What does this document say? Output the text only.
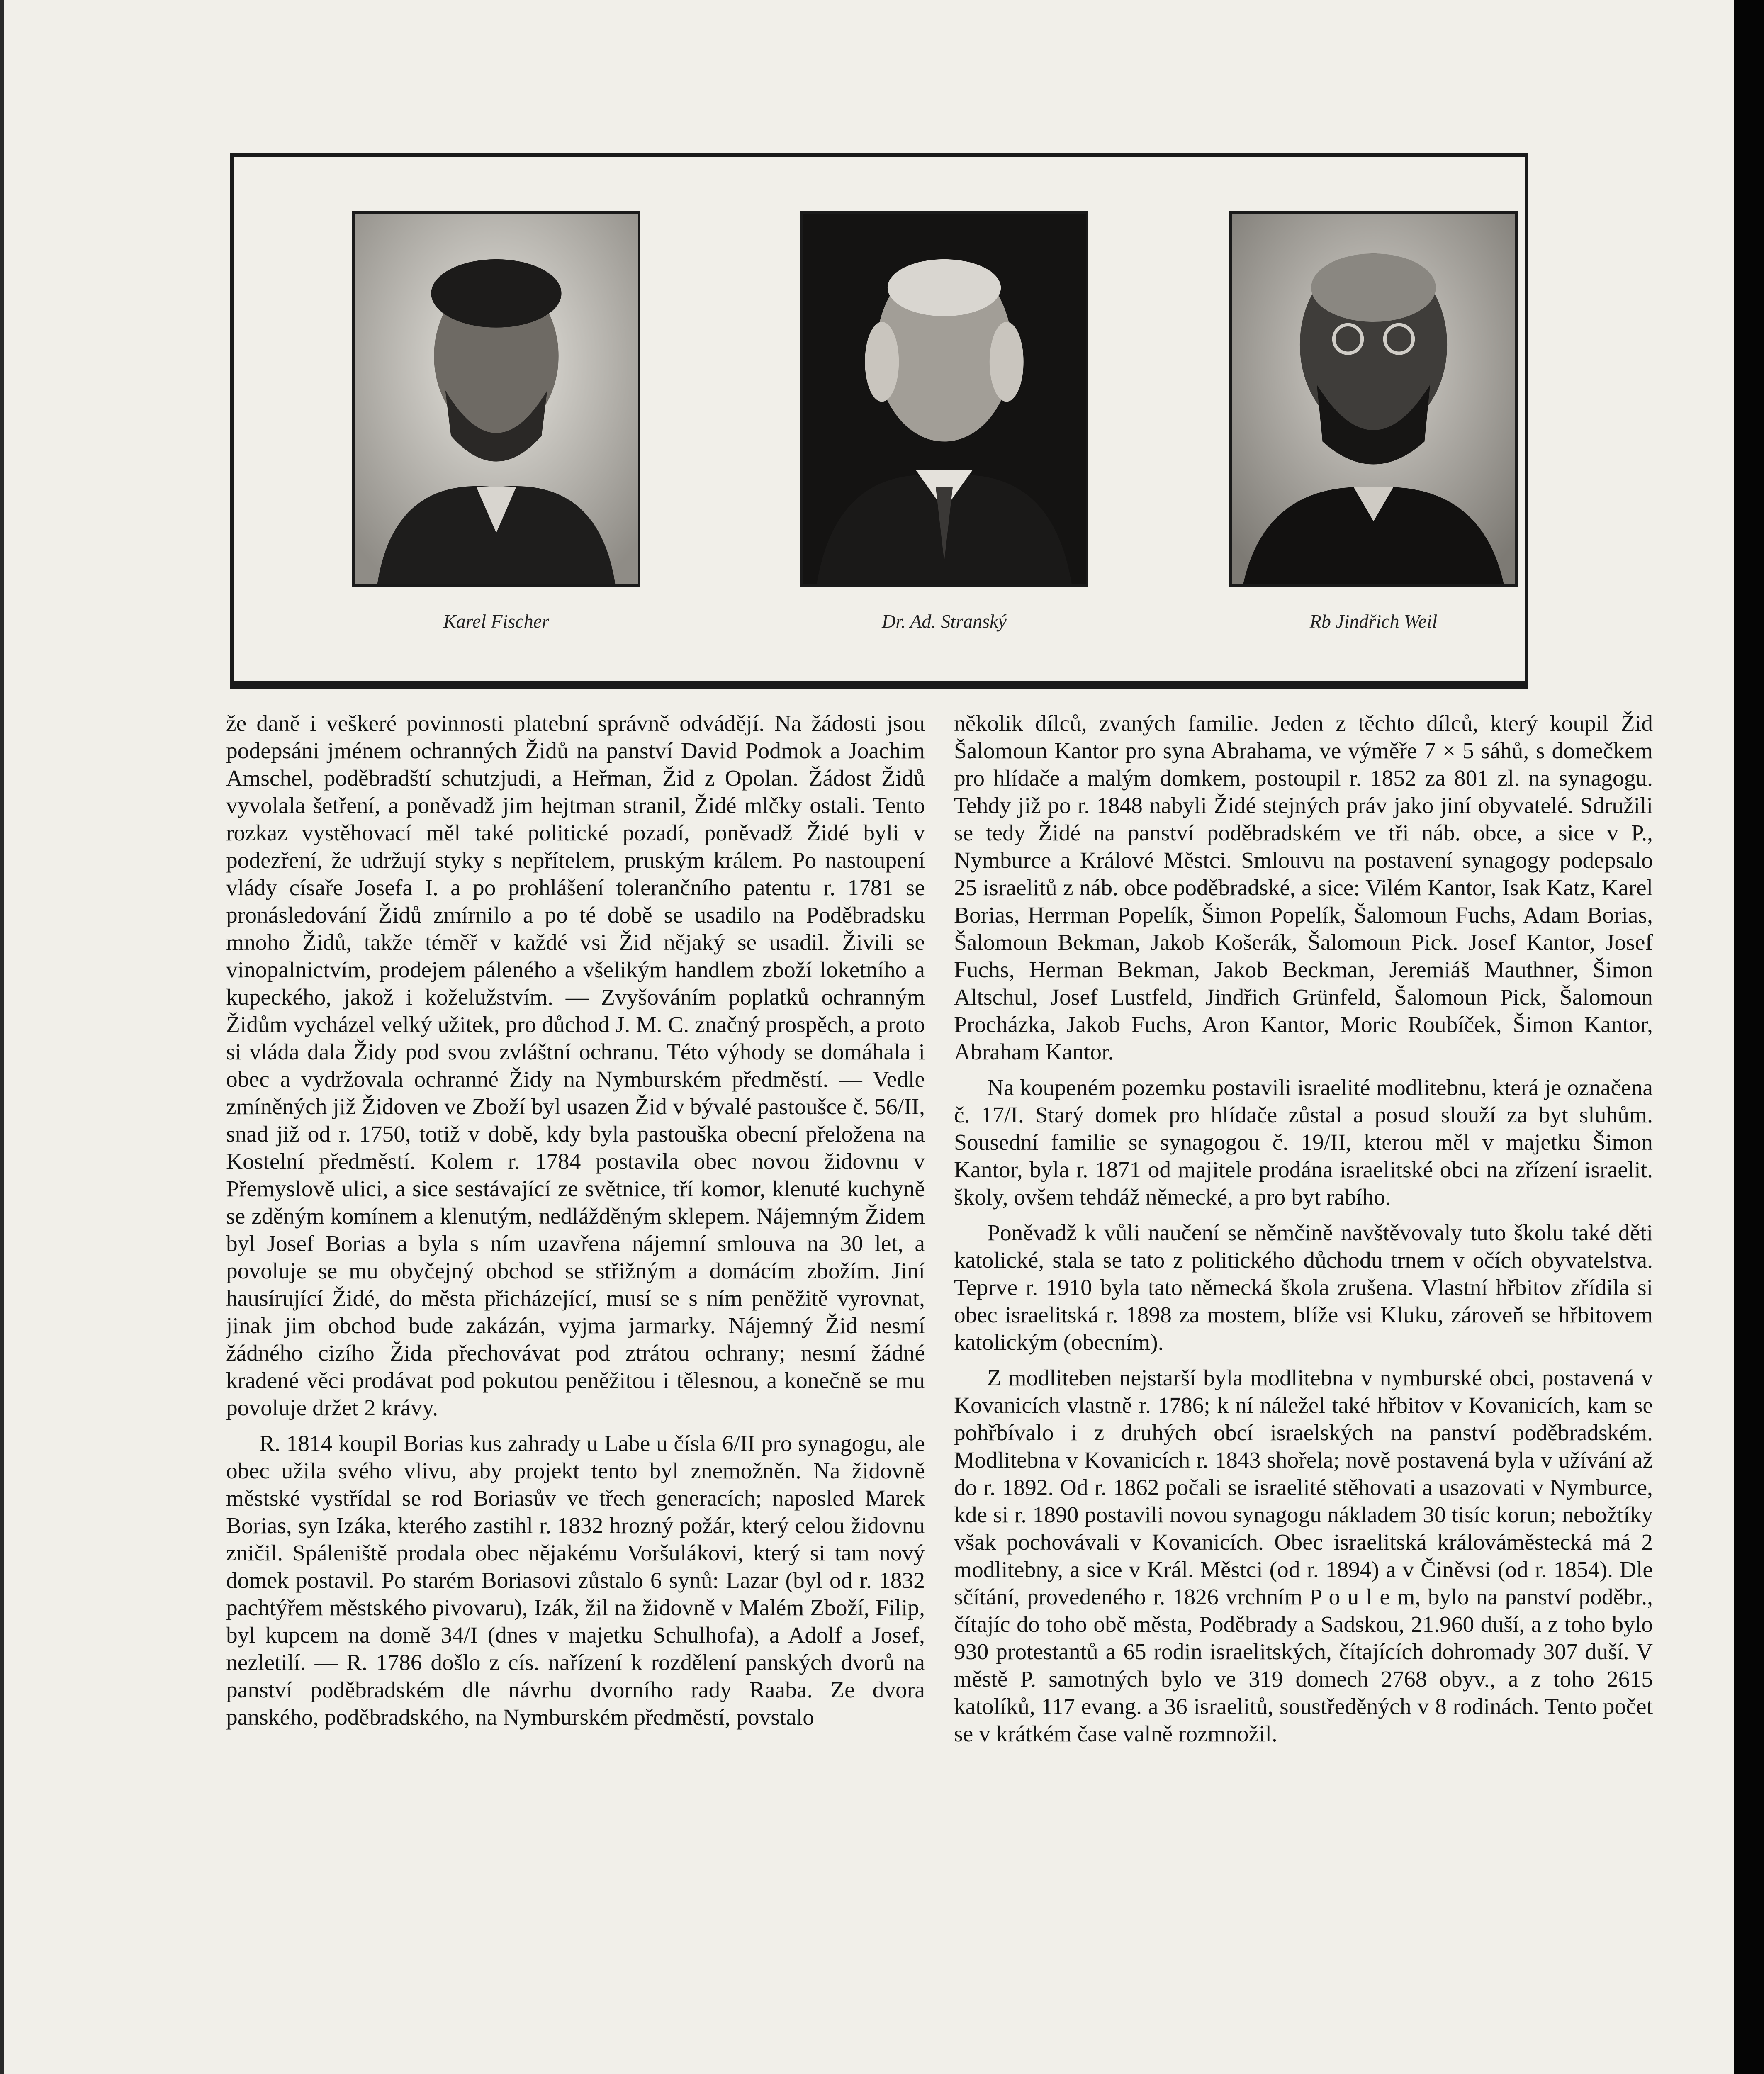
Karel Fischer	Dr. Ad. Stranský	Rb Jindřich Weil

že daně i veškeré povinnosti platební správně odvádějí. Na žádosti jsou podepsáni jménem ochranných Židů na panství David Podmok a Joachim Amschel, poděbradští schutzjudi, a Heřman, Žid z Opolan. Žádost Židů vyvolala šetření, a poněvadž jim hejtman stranil, Židé mlčky ostali. Tento rozkaz vystěhovací měl také politické pozadí, poněvadž Židé byli v podezření, že udržují styky s nepřítelem, pruským králem. Po nastoupení vlády císaře Josefa I. a po prohlášení tolerančního patentu r. 1781 se pronásledování Židů zmírnilo a po té době se usadilo na Poděbradsku mnoho Židů, takže téměř v každé vsi Žid nějaký se usadil. Živili se vinopalnictvím, prodejem páleného a všelikým handlem zboží loketního a kupeckého, jakož i koželužstvím. — Zvyšováním poplatků ochranným Židům vycházel velký užitek, pro důchod J. M. C. značný prospěch, a proto si vláda dala Židy pod svou zvláštní ochranu. Této výhody se domáhala i obec a vydržovala ochranné Židy na Nymburském předměstí. — Vedle zmíněných již Židoven ve Zboží byl usazen Žid v bývalé pastoušce č. 56/II, snad již od r. 1750, totiž v době, kdy byla pastouška obecní přeložena na Kostelní předměstí. Kolem r. 1784 postavila obec novou židovnu v Přemyslově ulici, a sice sestávající ze světnice, tří komor, klenuté kuchyně se zděným komínem a klenutým, nedlážděným sklepem. Nájemným Židem byl Josef Borias a byla s ním uzavřena nájemní smlouva na 30 let, a povoluje se mu obyčejný obchod se střižným a domácím zbožím. Jiní hausírující Židé, do města přicházející, musí se s ním peněžitě vyrovnat, jinak jim obchod bude zakázán, vyjma jarmarky. Nájemný Žid nesmí žádného cizího Žida přechovávat pod ztrátou ochrany; nesmí žádné kradené věci prodávat pod pokutou peněžitou i tělesnou, a konečně se mu povoluje držet 2 krávy.

R. 1814 koupil Borias kus zahrady u Labe u čísla 6/II pro synagogu, ale obec užila svého vlivu, aby projekt tento byl znemožněn. Na židovně městské vystřídal se rod Boriasův ve třech generacích; naposled Marek Borias, syn Izáka, kterého zastihl r. 1832 hrozný požár, který celou židovnu zničil. Spáleniště prodala obec nějakému Voršulákovi, který si tam nový domek postavil. Po starém Boriasovi zůstalo 6 synů: Lazar (byl od r. 1832 pachtýřem městského pivovaru), Izák, žil na židovně v Malém Zboží, Filip, byl kupcem na domě 34/I (dnes v majetku Schulhofa), a Adolf a Josef, nezletilí. — R. 1786 došlo z cís. nařízení k rozdělení panských dvorů na panství poděbradském dle návrhu dvorního rady Raaba. Ze dvora panského, poděbradského, na Nymburském předměstí, povstalo

několik dílců, zvaných familie. Jeden z těchto dílců, který koupil Žid Šalomoun Kantor pro syna Abrahama, ve výměře 7 × 5 sáhů, s domečkem pro hlídače a malým domkem, postoupil r. 1852 za 801 zl. na synagogu. Tehdy již po r. 1848 nabyli Židé stejných práv jako jiní obyvatelé. Sdružili se tedy Židé na panství poděbradském ve tři náb. obce, a sice v P., Nymburce a Králové Městci. Smlouvu na postavení synagogy podepsalo 25 israelitů z náb. obce poděbradské, a sice: Vilém Kantor, Isak Katz, Karel Borias, Herrman Popelík, Šimon Popelík, Šalomoun Fuchs, Adam Borias, Šalomoun Bekman, Jakob Košerák, Šalomoun Pick. Josef Kantor, Josef Fuchs, Herman Bekman, Jakob Beckman, Jeremiáš Mauthner, Šimon Altschul, Josef Lustfeld, Jindřich Grünfeld, Šalomoun Pick, Šalomoun Procházka, Jakob Fuchs, Aron Kantor, Moric Roubíček, Šimon Kantor, Abraham Kantor.

Na koupeném pozemku postavili israelité modlitebnu, která je označena č. 17/I. Starý domek pro hlídače zůstal a posud slouží za byt sluhům. Sousední familie se synagogou č. 19/II, kterou měl v majetku Šimon Kantor, byla r. 1871 od majitele prodána israelitské obci na zřízení israelit. školy, ovšem tehdáž německé, a pro byt rabího.

Poněvadž k vůli naučení se němčině navštěvovaly tuto školu také děti katolické, stala se tato z politického důchodu trnem v očích obyvatelstva. Teprve r. 1910 byla tato německá škola zrušena. Vlastní hřbitov zřídila si obec israelitská r. 1898 za mostem, blíže vsi Kluku, zároveň se hřbitovem katolickým (obecním).

Z modliteben nejstarší byla modlitebna v nymburské obci, postavená v Kovanicích vlastně r. 1786; k ní náležel také hřbitov v Kovanicích, kam se pohřbívalo i z druhých obcí israelských na panství poděbradském. Modlitebna v Kovanicích r. 1843 shořela; nově postavená byla v užívání až do r. 1892. Od r. 1862 počali se israelité stěhovati a usazovati v Nymburce, kde si r. 1890 postavili novou synagogu nákladem 30 tisíc korun; nebožtíky však pochovávali v Kovanicích. Obec israelitská králováměstecká má 2 modlitebny, a sice v Král. Městci (od r. 1894) a v Činěvsi (od r. 1854). Dle sčítání, provedeného r. 1826 vrchním P o u l e m, bylo na panství poděbr., čítajíc do toho obě města, Poděbrady a Sadskou, 21.960 duší, a z toho bylo 930 protestantů a 65 rodin israelitských, čítajících dohromady 307 duší. V městě P. samotných bylo ve 319 domech 2768 obyv., a z toho 2615 katolíků, 117 evang. a 36 israelitů, soustředěných v 8 rodinách. Tento počet se v krátkém čase valně rozmnožil.
